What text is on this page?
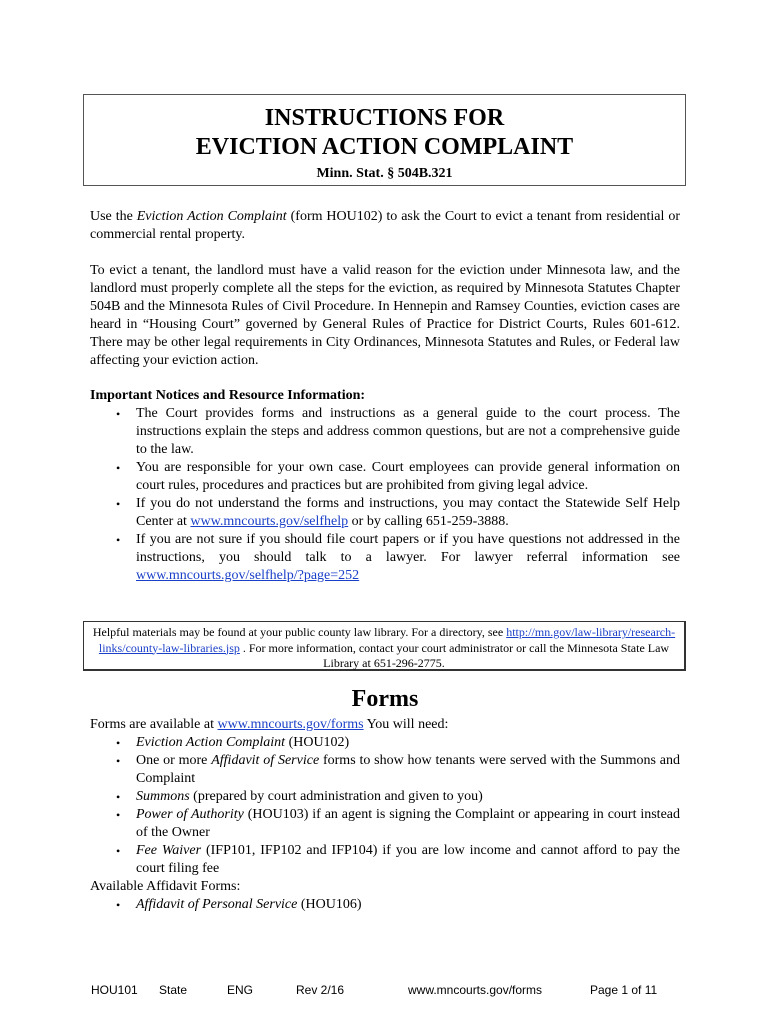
INSTRUCTIONS FOR
EVICTION ACTION COMPLAINT
Minn. Stat. § 504B.321
Use the Eviction Action Complaint (form HOU102) to ask the Court to evict a tenant from residential or commercial rental property.
To evict a tenant, the landlord must have a valid reason for the eviction under Minnesota law, and the landlord must properly complete all the steps for the eviction, as required by Minnesota Statutes Chapter 504B and the Minnesota Rules of Civil Procedure. In Hennepin and Ramsey Counties, eviction cases are heard in “Housing Court” governed by General Rules of Practice for District Courts, Rules 601-612. There may be other legal requirements in City Ordinances, Minnesota Statutes and Rules, or Federal law affecting your eviction action.
Important Notices and Resource Information:
• The Court provides forms and instructions as a general guide to the court process. The instructions explain the steps and address common questions, but are not a comprehensive guide to the law.
• You are responsible for your own case. Court employees can provide general information on court rules, procedures and practices but are prohibited from giving legal advice.
• If you do not understand the forms and instructions, you may contact the Statewide Self Help Center at www.mncourts.gov/selfhelp or by calling 651-259-3888.
• If you are not sure if you should file court papers or if you have questions not addressed in the instructions, you should talk to a lawyer. For lawyer referral information see www.mncourts.gov/selfhelp/?page=252
Helpful materials may be found at your public county law library. For a directory, see http://mn.gov/law-library/research-links/county-law-libraries.jsp . For more information, contact your court administrator or call the Minnesota State Law Library at 651-296-2775.
Forms
Forms are available at www.mncourts.gov/forms You will need:
• Eviction Action Complaint (HOU102)
• One or more Affidavit of Service forms to show how tenants were served with the Summons and Complaint
• Summons (prepared by court administration and given to you)
• Power of Authority (HOU103) if an agent is signing the Complaint or appearing in court instead of the Owner
• Fee Waiver (IFP101, IFP102 and IFP104) if you are low income and cannot afford to pay the court filing fee
Available Affidavit Forms:
• Affidavit of Personal Service (HOU106)
HOU101 State	ENG	Rev 2/16	www.mncourts.gov/forms	Page 1 of 11
